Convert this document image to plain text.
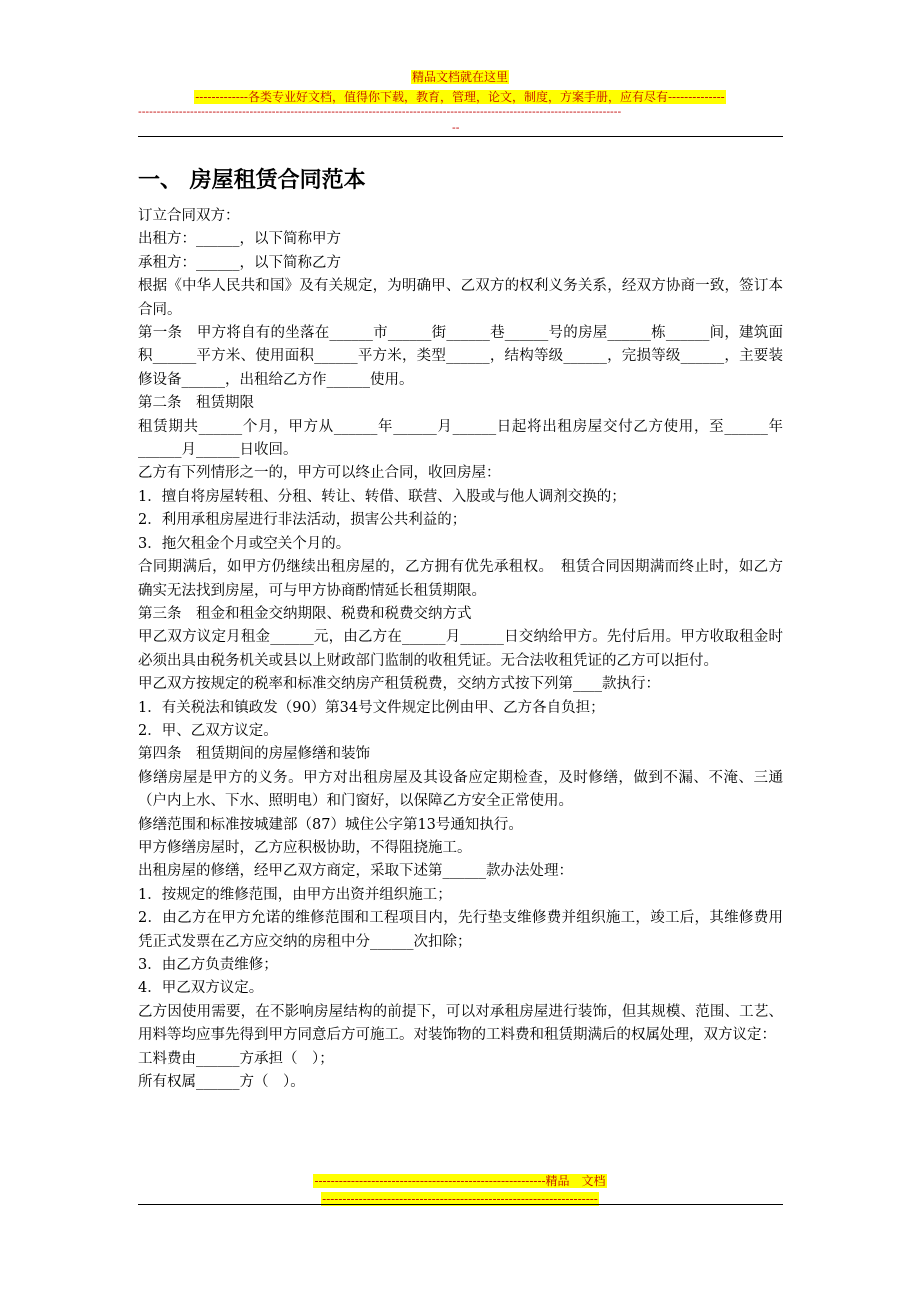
精品文档就在这里
-------------各类专业好文档，值得你下载，教育，管理，论文，制度，方案手册，应有尽有--------------
----------------------------------------------------------------------------------------------------------------------------------
--
一、 房屋租赁合同范本

订立合同双方：

出租方：______，以下简称甲方

承租方：______，以下简称乙方

根据《中华人民共和国》及有关规定，为明确甲、乙双方的权利义务关系，经双方协商一致，签订本合同。

第一条　甲方将自有的坐落在______市______街______巷______号的房屋______栋______间，建筑面积______平方米、使用面积______平方米，类型______，结构等级______，完损等级______，主要装修设备______，出租给乙方作______使用。

第二条　租赁期限

租赁期共______个月，甲方从______年______月______日起将出租房屋交付乙方使用，至______年______月______日收回。

乙方有下列情形之一的，甲方可以终止合同，收回房屋：

1．擅自将房屋转租、分租、转让、转借、联营、入股或与他人调剂交换的；

2．利用承租房屋进行非法活动，损害公共利益的；

3．拖欠租金个月或空关个月的。

合同期满后，如甲方仍继续出租房屋的，乙方拥有优先承租权。　租赁合同因期满而终止时，如乙方确实无法找到房屋，可与甲方协商酌情延长租赁期限。

第三条　租金和租金交纳期限、税费和税费交纳方式

甲乙双方议定月租金______元，由乙方在______月______日交纳给甲方。先付后用。甲方收取租金时必须出具由税务机关或县以上财政部门监制的收租凭证。无合法收租凭证的乙方可以拒付。

甲乙双方按规定的税率和标准交纳房产租赁税费，交纳方式按下列第____款执行：

1．有关税法和镇政发（90）第34号文件规定比例由甲、乙方各自负担；

2．甲、乙双方议定。

第四条　租赁期间的房屋修缮和装饰

修缮房屋是甲方的义务。甲方对出租房屋及其设备应定期检查，及时修缮，做到不漏、不淹、三通（户内上水、下水、照明电）和门窗好，以保障乙方安全正常使用。

修缮范围和标准按城建部（87）城住公字第13号通知执行。

甲方修缮房屋时，乙方应积极协助，不得阻挠施工。

出租房屋的修缮，经甲乙双方商定，采取下述第______款办法处理：

1．按规定的维修范围，由甲方出资并组织施工；

2．由乙方在甲方允诺的维修范围和工程项目内，先行垫支维修费并组织施工，竣工后，其维修费用凭正式发票在乙方应交纳的房租中分______次扣除；

3．由乙方负责维修；

4．甲乙双方议定。

乙方因使用需要，在不影响房屋结构的前提下，可以对承租房屋进行装饰，但其规模、范围、工艺、用料等均应事先得到甲方同意后方可施工。对装饰物的工料费和租赁期满后的权属处理，双方议定：

工料费由______方承担（　）；

所有权属______方（　）。

---------------------------------------------------------精品　文档
--------------------------------------------------------------------
